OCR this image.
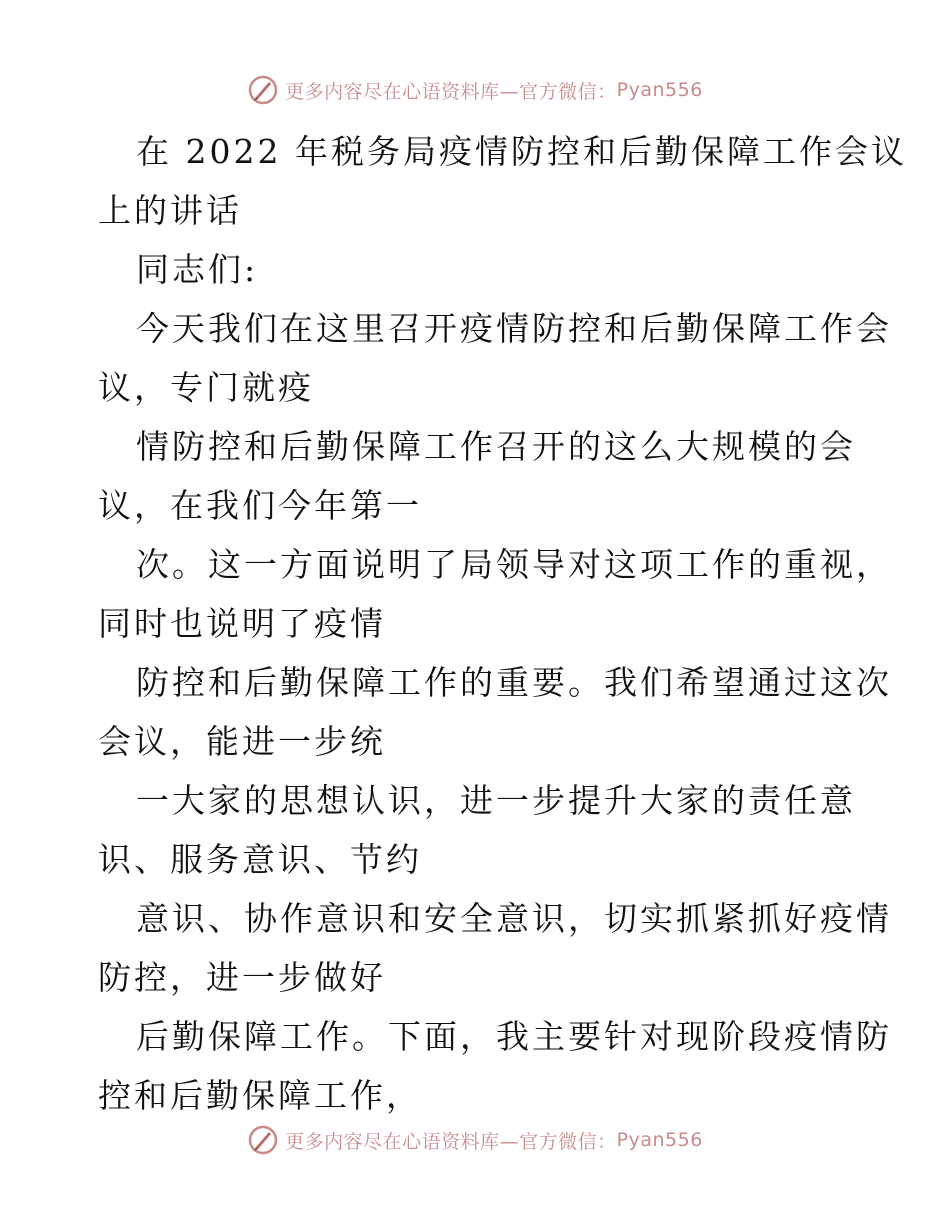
更多内容尽在心语资料库—官方微信： Pyan556
在 2022 年税务局疫情防控和后勤保障工作会议
上的讲话
同志们:
今天我们在这里召开疫情防控和后勤保障工作会
议，专门就疫
情防控和后勤保障工作召开的这么大规模的会
议，在我们今年第一
次。这一方面说明了局领导对这项工作的重视，
同时也说明了疫情
防控和后勤保障工作的重要。我们希望通过这次
会议，能进一步统
一大家的思想认识，进一步提升大家的责任意
识、服务意识、节约
意识、协作意识和安全意识，切实抓紧抓好疫情
防控，进一步做好
后勤保障工作。下面，我主要针对现阶段疫情防
控和后勤保障工作，
更多内容尽在心语资料库—官方微信： Pyan556
